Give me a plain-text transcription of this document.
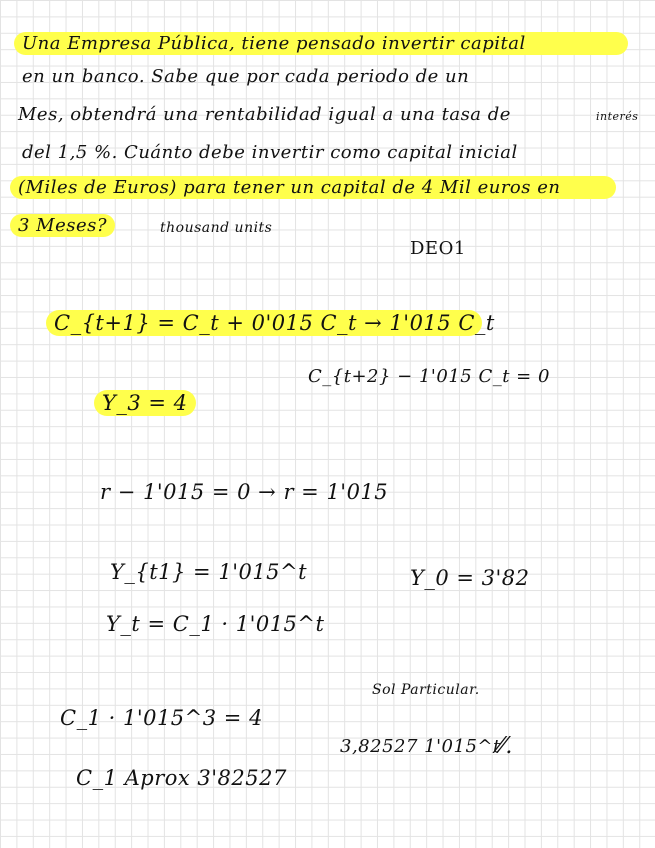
Una Empresa Pública, tiene pensado invertir capital
en un banco. Sabe que por cada periodo de un
Mes, obtendrá una rentabilidad igual a una tasa de	interés
del 1,5 %. Cuánto debe invertir como capital inicial
(Miles de Euros) para tener un capital de 4 Mil euros en
3 Meses?	thousand units
DEO1
C_{t+1} = C_t + 0'015 C_t → 1'015 C_t
C_{t+2} − 1'015 C_t = 0
Y_3 = 4
r − 1'015 = 0 → r = 1'015
Y_{t1} = 1'015^t	Y_0 = 3'82
Y_t = C_1 · 1'015^t
Sol Particular.
C_1 · 1'015^3 = 4
3,82527 1'015^t
⁄⁄.
C_1 Aprox 3'82527
